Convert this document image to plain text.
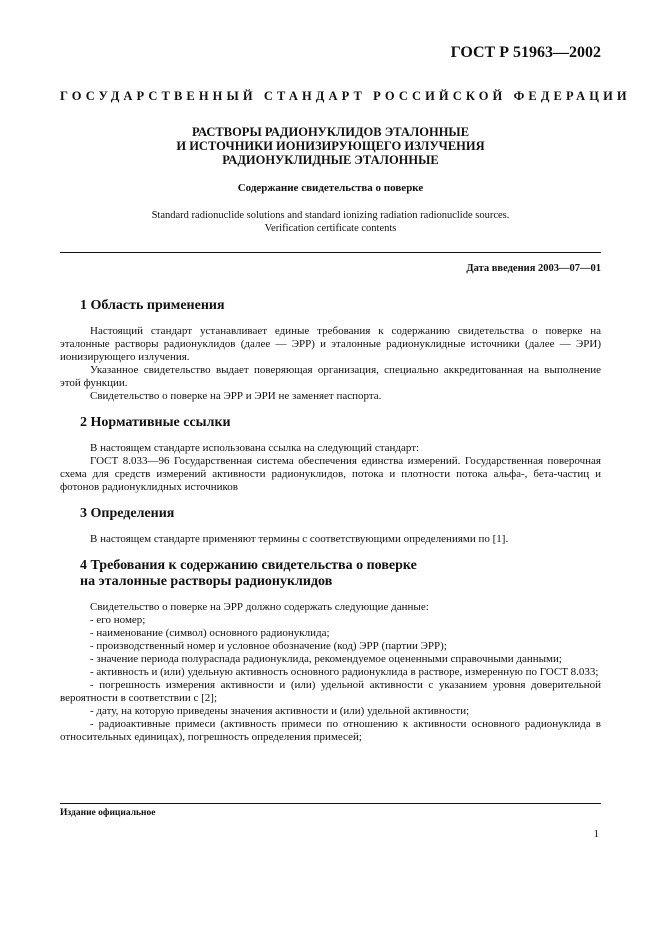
ГОСТ Р 51963—2002
ГОСУДАРСТВЕННЫЙ СТАНДАРТ РОССИЙСКОЙ ФЕДЕРАЦИИ
РАСТВОРЫ РАДИОНУКЛИДОВ ЭТАЛОННЫЕ
И ИСТОЧНИКИ ИОНИЗИРУЮЩЕГО ИЗЛУЧЕНИЯ
РАДИОНУКЛИДНЫЕ ЭТАЛОННЫЕ
Содержание свидетельства о поверке
Standard radionuclide solutions and standard ionizing radiation radionuclide sources.
Verification certificate contents
Дата введения 2003—07—01
1 Область применения

Настоящий стандарт устанавливает единые требования к содержанию свидетельства о поверке на эталонные растворы радионуклидов (далее — ЭРР) и эталонные радионуклидные источники (далее — ЭРИ) ионизирующего излучения.

Указанное свидетельство выдает поверяющая организация, специально аккредитованная на выполнение этой функции.

Свидетельство о поверке на ЭРР и ЭРИ не заменяет паспорта.

2 Нормативные ссылки

В настоящем стандарте использована ссылка на следующий стандарт:

ГОСТ 8.033—96 Государственная система обеспечения единства измерений. Государственная поверочная схема для средств измерений активности радионуклидов, потока и плотности потока альфа-, бета-частиц и фотонов радионуклидных источников

3 Определения

В настоящем стандарте применяют термины с соответствующими определениями по [1].

4 Требования к содержанию свидетельства о поверке
на эталонные растворы радионуклидов

Свидетельство о поверке на ЭРР должно содержать следующие данные:

- его номер;

- наименование (символ) основного радионуклида;

- производственный номер и условное обозначение (код) ЭРР (партии ЭРР);

- значение периода полураспада радионуклида, рекомендуемое оцененными справочными данными;

- активность и (или) удельную активность основного радионуклида в растворе, измеренную по ГОСТ 8.033;

- погрешность измерения активности и (или) удельной активности с указанием уровня доверительной вероятности в соответствии с [2];

- дату, на которую приведены значения активности и (или) удельной активности;

- радиоактивные примеси (активность примеси по отношению к активности основного радионуклида в относительных единицах), погрешность определения примесей;

Издание официальное
1
